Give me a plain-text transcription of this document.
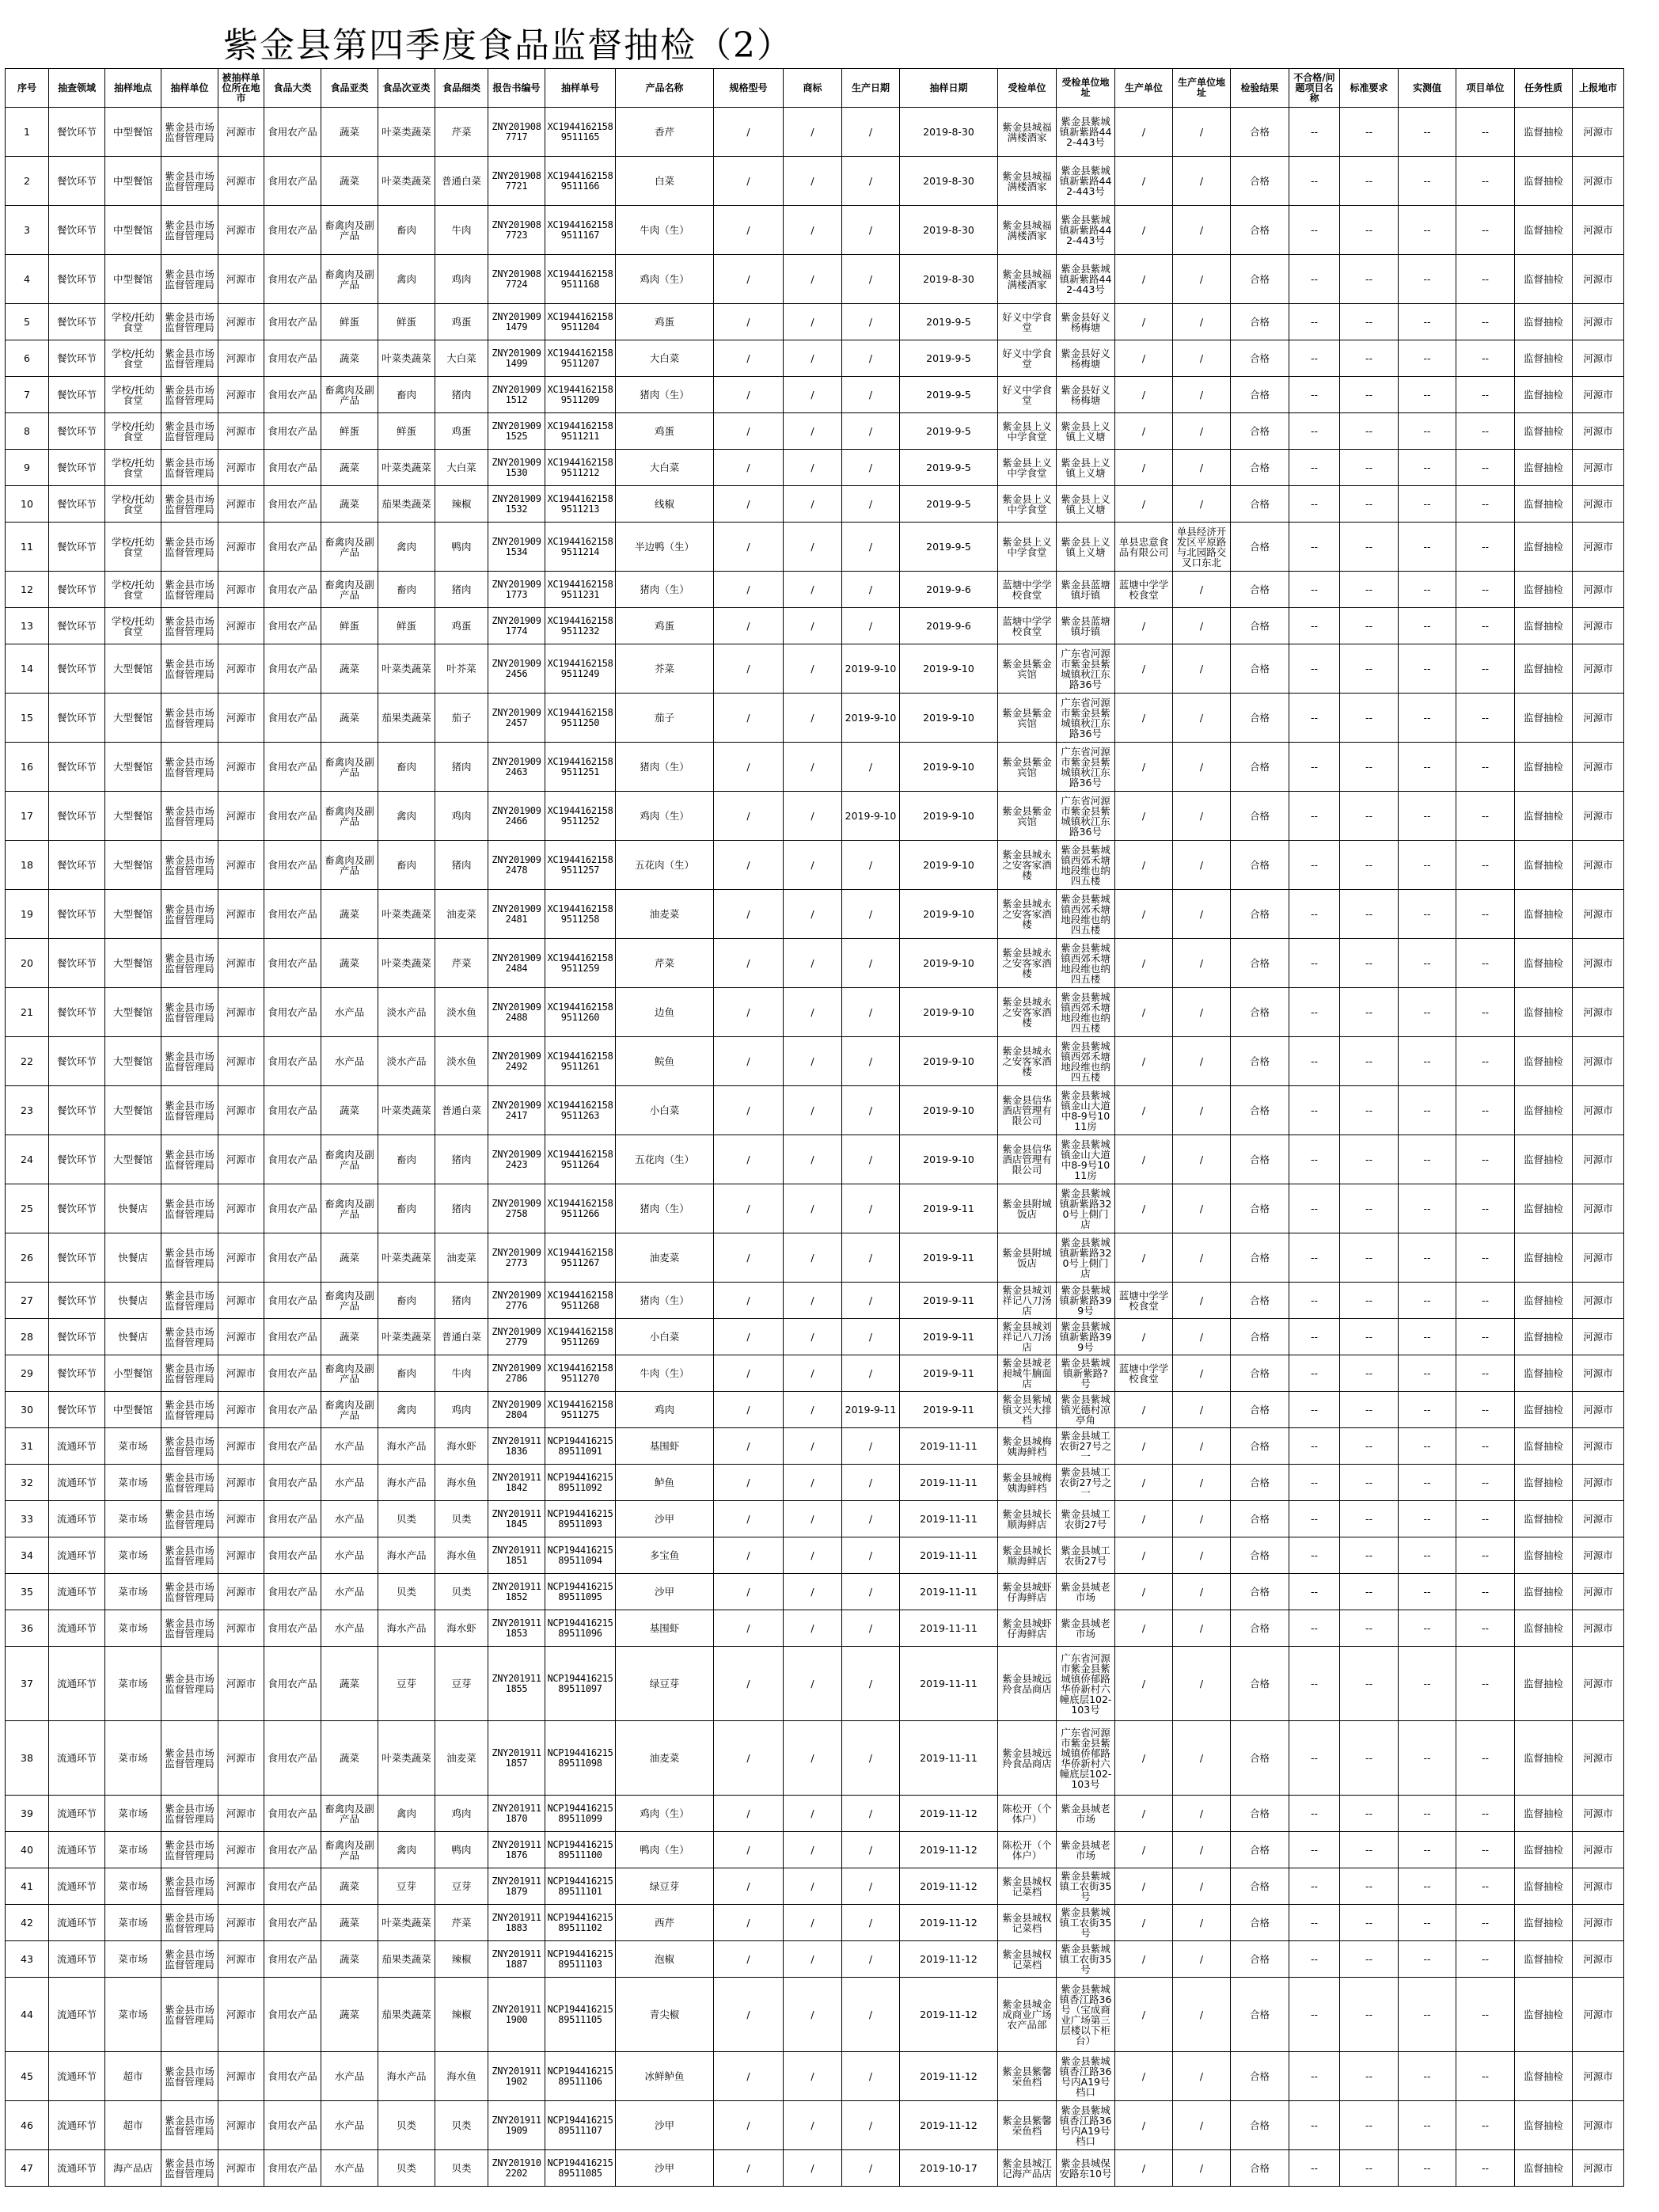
紫金县第四季度食品监督抽检（2）
序号	抽查领域	抽样地点	抽样单位	被抽样单位所在地市	食品大类	食品亚类	食品次亚类	食品细类	报告书编号	抽样单号	产品名称	规格型号	商标	生产日期	抽样日期	受检单位	受检单位地址	生产单位	生产单位地址	检验结果	不合格/问题项目名称	标准要求	实测值	项目单位	任务性质	上报地市
1	餐饮环节	中型餐馆	紫金县市场监督管理局	河源市	食用农产品	蔬菜	叶菜类蔬菜	芹菜	ZNY2019087717	XC19441621589511165	香芹	/	/	/	2019-8-30	紫金县城福满楼酒家	紫金县紫城镇新紫路442-443号	/	/	合格	--	--	--	--	监督抽检	河源市
2	餐饮环节	中型餐馆	紫金县市场监督管理局	河源市	食用农产品	蔬菜	叶菜类蔬菜	普通白菜	ZNY2019087721	XC19441621589511166	白菜	/	/	/	2019-8-30	紫金县城福满楼酒家	紫金县紫城镇新紫路442-443号	/	/	合格	--	--	--	--	监督抽检	河源市
3	餐饮环节	中型餐馆	紫金县市场监督管理局	河源市	食用农产品	畜禽肉及副产品	畜肉	牛肉	ZNY2019087723	XC19441621589511167	牛肉（生）	/	/	/	2019-8-30	紫金县城福满楼酒家	紫金县紫城镇新紫路442-443号	/	/	合格	--	--	--	--	监督抽检	河源市
4	餐饮环节	中型餐馆	紫金县市场监督管理局	河源市	食用农产品	畜禽肉及副产品	禽肉	鸡肉	ZNY2019087724	XC19441621589511168	鸡肉（生）	/	/	/	2019-8-30	紫金县城福满楼酒家	紫金县紫城镇新紫路442-443号	/	/	合格	--	--	--	--	监督抽检	河源市
5	餐饮环节	学校/托幼食堂	紫金县市场监督管理局	河源市	食用农产品	鲜蛋	鲜蛋	鸡蛋	ZNY2019091479	XC19441621589511204	鸡蛋	/	/	/	2019-9-5	好义中学食堂	紫金县好义杨梅塘	/	/	合格	--	--	--	--	监督抽检	河源市
6	餐饮环节	学校/托幼食堂	紫金县市场监督管理局	河源市	食用农产品	蔬菜	叶菜类蔬菜	大白菜	ZNY2019091499	XC19441621589511207	大白菜	/	/	/	2019-9-5	好义中学食堂	紫金县好义杨梅塘	/	/	合格	--	--	--	--	监督抽检	河源市
7	餐饮环节	学校/托幼食堂	紫金县市场监督管理局	河源市	食用农产品	畜禽肉及副产品	畜肉	猪肉	ZNY2019091512	XC19441621589511209	猪肉（生）	/	/	/	2019-9-5	好义中学食堂	紫金县好义杨梅塘	/	/	合格	--	--	--	--	监督抽检	河源市
8	餐饮环节	学校/托幼食堂	紫金县市场监督管理局	河源市	食用农产品	鲜蛋	鲜蛋	鸡蛋	ZNY2019091525	XC19441621589511211	鸡蛋	/	/	/	2019-9-5	紫金县上义中学食堂	紫金县上义镇上义塘	/	/	合格	--	--	--	--	监督抽检	河源市
9	餐饮环节	学校/托幼食堂	紫金县市场监督管理局	河源市	食用农产品	蔬菜	叶菜类蔬菜	大白菜	ZNY2019091530	XC19441621589511212	大白菜	/	/	/	2019-9-5	紫金县上义中学食堂	紫金县上义镇上义塘	/	/	合格	--	--	--	--	监督抽检	河源市
10	餐饮环节	学校/托幼食堂	紫金县市场监督管理局	河源市	食用农产品	蔬菜	茄果类蔬菜	辣椒	ZNY2019091532	XC19441621589511213	线椒	/	/	/	2019-9-5	紫金县上义中学食堂	紫金县上义镇上义塘	/	/	合格	--	--	--	--	监督抽检	河源市
11	餐饮环节	学校/托幼食堂	紫金县市场监督管理局	河源市	食用农产品	畜禽肉及副产品	禽肉	鸭肉	ZNY2019091534	XC19441621589511214	半边鸭（生）	/	/	/	2019-9-5	紫金县上义中学食堂	紫金县上义镇上义塘	单县忠意食品有限公司	单县经济开发区平原路与北园路交叉口东北	合格	--	--	--	--	监督抽检	河源市
12	餐饮环节	学校/托幼食堂	紫金县市场监督管理局	河源市	食用农产品	畜禽肉及副产品	畜肉	猪肉	ZNY2019091773	XC19441621589511231	猪肉（生）	/	/	/	2019-9-6	蓝塘中学学校食堂	紫金县蓝塘镇圩镇	蓝塘中学学校食堂	/	合格	--	--	--	--	监督抽检	河源市
13	餐饮环节	学校/托幼食堂	紫金县市场监督管理局	河源市	食用农产品	鲜蛋	鲜蛋	鸡蛋	ZNY2019091774	XC19441621589511232	鸡蛋	/	/	/	2019-9-6	蓝塘中学学校食堂	紫金县蓝塘镇圩镇	/	/	合格	--	--	--	--	监督抽检	河源市
14	餐饮环节	大型餐馆	紫金县市场监督管理局	河源市	食用农产品	蔬菜	叶菜类蔬菜	叶芥菜	ZNY2019092456	XC19441621589511249	芥菜	/	/	2019-9-10	2019-9-10	紫金县紫金宾馆	广东省河源市紫金县紫城镇秋江东路36号	/	/	合格	--	--	--	--	监督抽检	河源市
15	餐饮环节	大型餐馆	紫金县市场监督管理局	河源市	食用农产品	蔬菜	茄果类蔬菜	茄子	ZNY2019092457	XC19441621589511250	茄子	/	/	2019-9-10	2019-9-10	紫金县紫金宾馆	广东省河源市紫金县紫城镇秋江东路36号	/	/	合格	--	--	--	--	监督抽检	河源市
16	餐饮环节	大型餐馆	紫金县市场监督管理局	河源市	食用农产品	畜禽肉及副产品	畜肉	猪肉	ZNY2019092463	XC19441621589511251	猪肉（生）	/	/	/	2019-9-10	紫金县紫金宾馆	广东省河源市紫金县紫城镇秋江东路36号	/	/	合格	--	--	--	--	监督抽检	河源市
17	餐饮环节	大型餐馆	紫金县市场监督管理局	河源市	食用农产品	畜禽肉及副产品	禽肉	鸡肉	ZNY2019092466	XC19441621589511252	鸡肉（生）	/	/	2019-9-10	2019-9-10	紫金县紫金宾馆	广东省河源市紫金县紫城镇秋江东路36号	/	/	合格	--	--	--	--	监督抽检	河源市
18	餐饮环节	大型餐馆	紫金县市场监督管理局	河源市	食用农产品	畜禽肉及副产品	畜肉	猪肉	ZNY2019092478	XC19441621589511257	五花肉（生）	/	/	/	2019-9-10	紫金县城永之安客家酒楼	紫金县紫城镇西郊禾塘地段维也纳四五楼	/	/	合格	--	--	--	--	监督抽检	河源市
19	餐饮环节	大型餐馆	紫金县市场监督管理局	河源市	食用农产品	蔬菜	叶菜类蔬菜	油麦菜	ZNY2019092481	XC19441621589511258	油麦菜	/	/	/	2019-9-10	紫金县城永之安客家酒楼	紫金县紫城镇西郊禾塘地段维也纳四五楼	/	/	合格	--	--	--	--	监督抽检	河源市
20	餐饮环节	大型餐馆	紫金县市场监督管理局	河源市	食用农产品	蔬菜	叶菜类蔬菜	芹菜	ZNY2019092484	XC19441621589511259	芹菜	/	/	/	2019-9-10	紫金县城永之安客家酒楼	紫金县紫城镇西郊禾塘地段维也纳四五楼	/	/	合格	--	--	--	--	监督抽检	河源市
21	餐饮环节	大型餐馆	紫金县市场监督管理局	河源市	食用农产品	水产品	淡水产品	淡水鱼	ZNY2019092488	XC19441621589511260	边鱼	/	/	/	2019-9-10	紫金县城永之安客家酒楼	紫金县紫城镇西郊禾塘地段维也纳四五楼	/	/	合格	--	--	--	--	监督抽检	河源市
22	餐饮环节	大型餐馆	紫金县市场监督管理局	河源市	食用农产品	水产品	淡水产品	淡水鱼	ZNY2019092492	XC19441621589511261	鲩鱼	/	/	/	2019-9-10	紫金县城永之安客家酒楼	紫金县紫城镇西郊禾塘地段维也纳四五楼	/	/	合格	--	--	--	--	监督抽检	河源市
23	餐饮环节	大型餐馆	紫金县市场监督管理局	河源市	食用农产品	蔬菜	叶菜类蔬菜	普通白菜	ZNY2019092417	XC19441621589511263	小白菜	/	/	/	2019-9-10	紫金县信华酒店管理有限公司	紫金县紫城镇金山大道中8-9号1011房	/	/	合格	--	--	--	--	监督抽检	河源市
24	餐饮环节	大型餐馆	紫金县市场监督管理局	河源市	食用农产品	畜禽肉及副产品	畜肉	猪肉	ZNY2019092423	XC19441621589511264	五花肉（生）	/	/	/	2019-9-10	紫金县信华酒店管理有限公司	紫金县紫城镇金山大道中8-9号1011房	/	/	合格	--	--	--	--	监督抽检	河源市
25	餐饮环节	快餐店	紫金县市场监督管理局	河源市	食用农产品	畜禽肉及副产品	畜肉	猪肉	ZNY2019092758	XC19441621589511266	猪肉（生）	/	/	/	2019-9-11	紫金县附城饭店	紫金县紫城镇新紫路320号上側门店	/	/	合格	--	--	--	--	监督抽检	河源市
26	餐饮环节	快餐店	紫金县市场监督管理局	河源市	食用农产品	蔬菜	叶菜类蔬菜	油麦菜	ZNY2019092773	XC19441621589511267	油麦菜	/	/	/	2019-9-11	紫金县附城饭店	紫金县紫城镇新紫路320号上側门店	/	/	合格	--	--	--	--	监督抽检	河源市
27	餐饮环节	快餐店	紫金县市场监督管理局	河源市	食用农产品	畜禽肉及副产品	畜肉	猪肉	ZNY2019092776	XC19441621589511268	猪肉（生）	/	/	/	2019-9-11	紫金县城刘祥记八刀汤店	紫金县紫城镇新紫路399号	蓝塘中学学校食堂	/	合格	--	--	--	--	监督抽检	河源市
28	餐饮环节	快餐店	紫金县市场监督管理局	河源市	食用农产品	蔬菜	叶菜类蔬菜	普通白菜	ZNY2019092779	XC19441621589511269	小白菜	/	/	/	2019-9-11	紫金县城刘祥记八刀汤店	紫金县紫城镇新紫路399号	/	/	合格	--	--	--	--	监督抽检	河源市
29	餐饮环节	小型餐馆	紫金县市场监督管理局	河源市	食用农产品	畜禽肉及副产品	畜肉	牛肉	ZNY2019092786	XC19441621589511270	牛肉（生）	/	/	/	2019-9-11	紫金县城老昶城牛腩面店	紫金县紫城镇新紫路?号	蓝塘中学学校食堂	/	合格	--	--	--	--	监督抽检	河源市
30	餐饮环节	中型餐馆	紫金县市场监督管理局	河源市	食用农产品	畜禽肉及副产品	禽肉	鸡肉	ZNY2019092804	XC19441621589511275	鸡肉	/	/	2019-9-11	2019-9-11	紫金县紫城镇文兴大排档	紫金县紫城镇光德村凉亭角	/	/	合格	--	--	--	--	监督抽检	河源市
31	流通环节	菜市场	紫金县市场监督管理局	河源市	食用农产品	水产品	海水产品	海水虾	ZNY2019111836	NCP19441621589511091	基围虾	/	/	/	2019-11-11	紫金县城梅姨海鲜档	紫金县城工农街27号之一	/	/	合格	--	--	--	--	监督抽检	河源市
32	流通环节	菜市场	紫金县市场监督管理局	河源市	食用农产品	水产品	海水产品	海水鱼	ZNY2019111842	NCP19441621589511092	鲈鱼	/	/	/	2019-11-11	紫金县城梅姨海鲜档	紫金县城工农街27号之一	/	/	合格	--	--	--	--	监督抽检	河源市
33	流通环节	菜市场	紫金县市场监督管理局	河源市	食用农产品	水产品	贝类	贝类	ZNY2019111845	NCP19441621589511093	沙甲	/	/	/	2019-11-11	紫金县城长顺海鲜店	紫金县城工农街27号	/	/	合格	--	--	--	--	监督抽检	河源市
34	流通环节	菜市场	紫金县市场监督管理局	河源市	食用农产品	水产品	海水产品	海水鱼	ZNY2019111851	NCP19441621589511094	多宝鱼	/	/	/	2019-11-11	紫金县城长顺海鲜店	紫金县城工农街27号	/	/	合格	--	--	--	--	监督抽检	河源市
35	流通环节	菜市场	紫金县市场监督管理局	河源市	食用农产品	水产品	贝类	贝类	ZNY2019111852	NCP19441621589511095	沙甲	/	/	/	2019-11-11	紫金县城虾仔海鲜店	紫金县城老市场	/	/	合格	--	--	--	--	监督抽检	河源市
36	流通环节	菜市场	紫金县市场监督管理局	河源市	食用农产品	水产品	海水产品	海水虾	ZNY2019111853	NCP19441621589511096	基围虾	/	/	/	2019-11-11	紫金县城虾仔海鲜店	紫金县城老市场	/	/	合格	--	--	--	--	监督抽检	河源市
37	流通环节	菜市场	紫金县市场监督管理局	河源市	食用农产品	蔬菜	豆芽	豆芽	ZNY2019111855	NCP19441621589511097	绿豆芽	/	/	/	2019-11-11	紫金县城远羚食品商店	广东省河源市紫金县紫城镇侨郁路华侨新村六幢底层102-103号	/	/	合格	--	--	--	--	监督抽检	河源市
38	流通环节	菜市场	紫金县市场监督管理局	河源市	食用农产品	蔬菜	叶菜类蔬菜	油麦菜	ZNY2019111857	NCP19441621589511098	油麦菜	/	/	/	2019-11-11	紫金县城远羚食品商店	广东省河源市紫金县紫城镇侨郁路华侨新村六幢底层102-103号	/	/	合格	--	--	--	--	监督抽检	河源市
39	流通环节	菜市场	紫金县市场监督管理局	河源市	食用农产品	畜禽肉及副产品	禽肉	鸡肉	ZNY2019111870	NCP19441621589511099	鸡肉（生）	/	/	/	2019-11-12	陈松开（个体户）	紫金县城老市场	/	/	合格	--	--	--	--	监督抽检	河源市
40	流通环节	菜市场	紫金县市场监督管理局	河源市	食用农产品	畜禽肉及副产品	禽肉	鸭肉	ZNY2019111876	NCP19441621589511100	鸭肉（生）	/	/	/	2019-11-12	陈松开（个体户）	紫金县城老市场	/	/	合格	--	--	--	--	监督抽检	河源市
41	流通环节	菜市场	紫金县市场监督管理局	河源市	食用农产品	蔬菜	豆芽	豆芽	ZNY2019111879	NCP19441621589511101	绿豆芽	/	/	/	2019-11-12	紫金县城权记菜档	紫金县紫城镇工农街35号	/	/	合格	--	--	--	--	监督抽检	河源市
42	流通环节	菜市场	紫金县市场监督管理局	河源市	食用农产品	蔬菜	叶菜类蔬菜	芹菜	ZNY2019111883	NCP19441621589511102	西芹	/	/	/	2019-11-12	紫金县城权记菜档	紫金县紫城镇工农街35号	/	/	合格	--	--	--	--	监督抽检	河源市
43	流通环节	菜市场	紫金县市场监督管理局	河源市	食用农产品	蔬菜	茄果类蔬菜	辣椒	ZNY2019111887	NCP19441621589511103	泡椒	/	/	/	2019-11-12	紫金县城权记菜档	紫金县紫城镇工农街35号	/	/	合格	--	--	--	--	监督抽检	河源市
44	流通环节	菜市场	紫金县市场监督管理局	河源市	食用农产品	蔬菜	茄果类蔬菜	辣椒	ZNY2019111900	NCP19441621589511105	青尖椒	/	/	/	2019-11-12	紫金县城金成商业广场农产品部	紫金县紫城镇香江路36号（宝成商业广场第三层楼以下柜台）	/	/	合格	--	--	--	--	监督抽检	河源市
45	流通环节	超市	紫金县市场监督管理局	河源市	食用农产品	水产品	海水产品	海水鱼	ZNY2019111902	NCP19441621589511106	冰鲜鲈鱼	/	/	/	2019-11-12	紫金县紫馨荣鱼档	紫金县紫城镇香江路36号内A19号档口	/	/	合格	--	--	--	--	监督抽检	河源市
46	流通环节	超市	紫金县市场监督管理局	河源市	食用农产品	水产品	贝类	贝类	ZNY2019111909	NCP19441621589511107	沙甲	/	/	/	2019-11-12	紫金县紫馨荣鱼档	紫金县紫城镇香江路36号内A19号档口	/	/	合格	--	--	--	--	监督抽检	河源市
47	流通环节	海产品店	紫金县市场监督管理局	河源市	食用农产品	水产品	贝类	贝类	ZNY2019102202	NCP19441621589511085	沙甲	/	/	/	2019-10-17	紫金县城江记海产品店	紫金县城保安路东10号	/	/	合格	--	--	--	--	监督抽检	河源市
